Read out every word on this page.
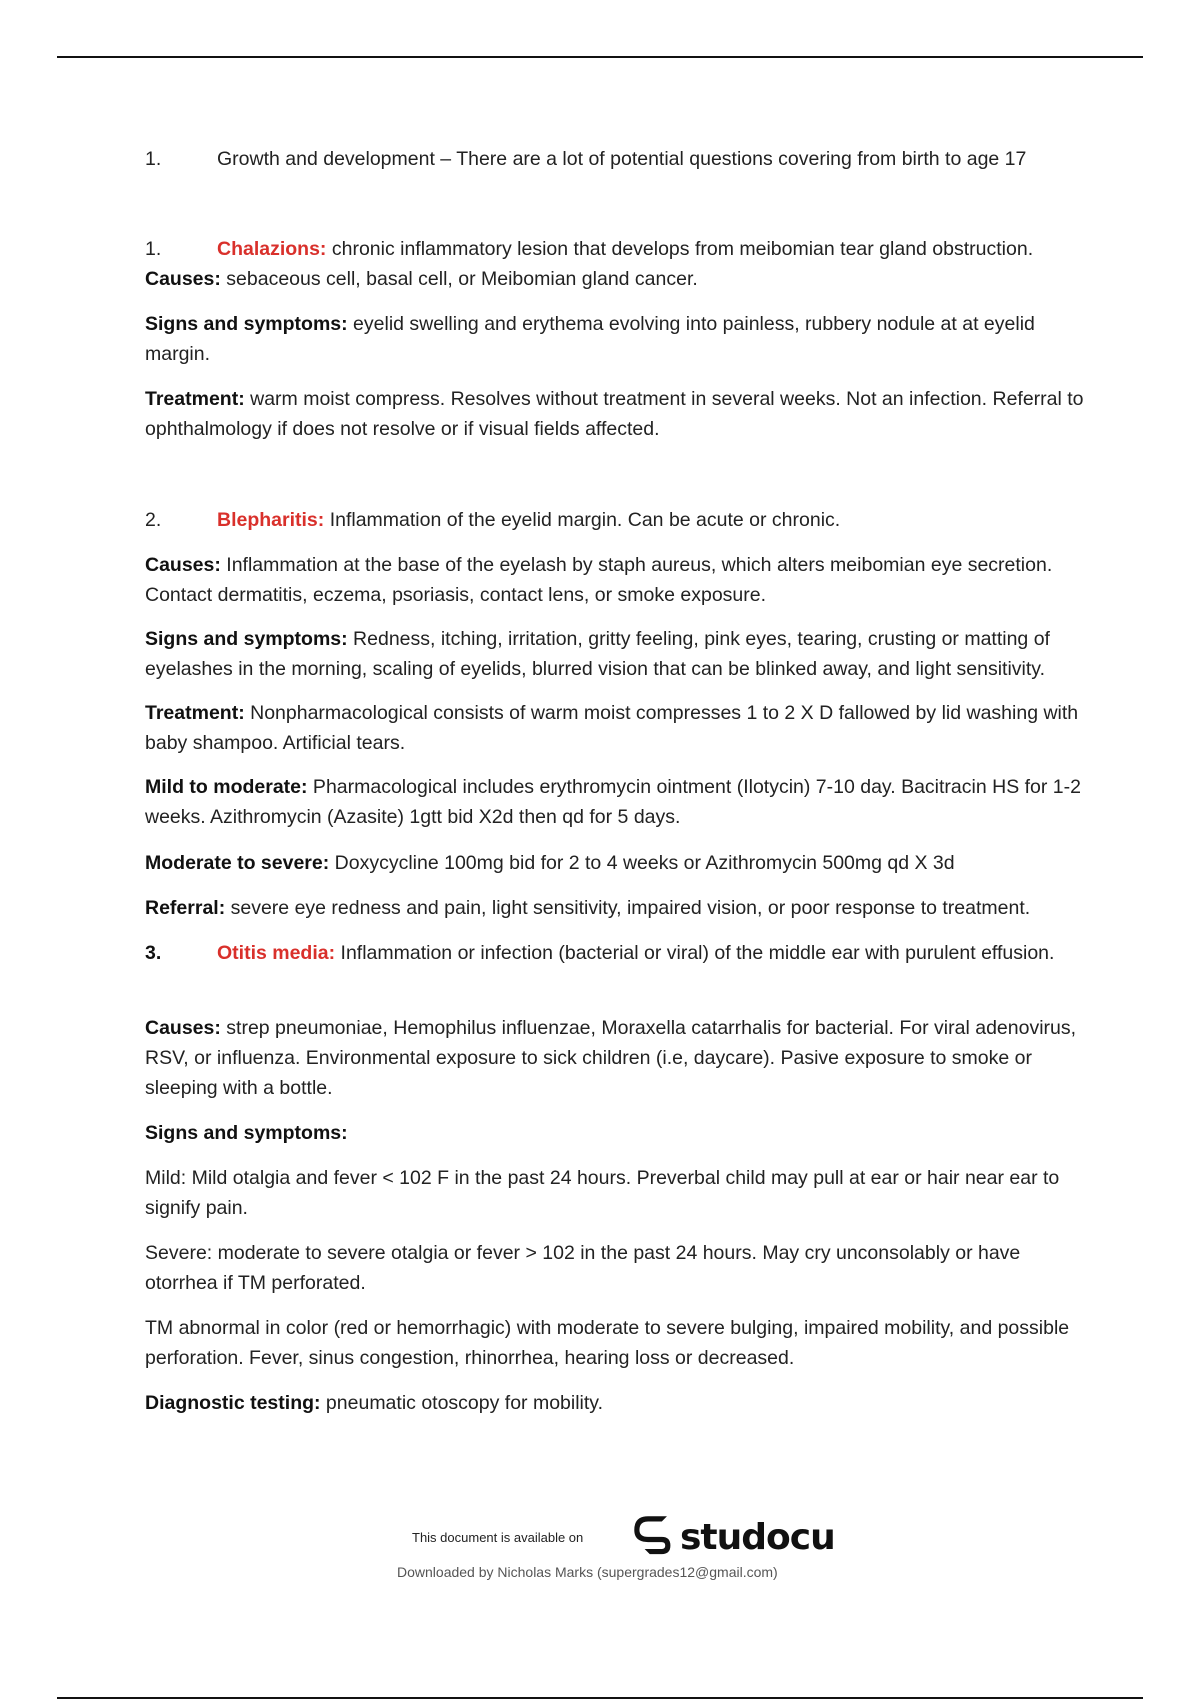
1.	Growth and development – There are a lot of potential questions covering from birth to age 17
1.	Chalazions: chronic inflammatory lesion that develops from meibomian tear gland obstruction.
Causes: sebaceous cell, basal cell, or Meibomian gland cancer.
Signs and symptoms: eyelid swelling and erythema evolving into painless, rubbery nodule at at eyelid margin.
Treatment: warm moist compress. Resolves without treatment in several weeks. Not an infection. Referral to ophthalmology if does not resolve or if visual fields affected.
2.	Blepharitis: Inflammation of the eyelid margin. Can be acute or chronic.
Causes: Inflammation at the base of the eyelash by staph aureus, which alters meibomian eye secretion. Contact dermatitis, eczema, psoriasis, contact lens, or smoke exposure.
Signs and symptoms: Redness, itching, irritation, gritty feeling, pink eyes, tearing, crusting or matting of eyelashes in the morning, scaling of eyelids, blurred vision that can be blinked away, and light sensitivity.
Treatment: Nonpharmacological consists of warm moist compresses 1 to 2 X D fallowed by lid washing with baby shampoo. Artificial tears.
Mild to moderate: Pharmacological includes erythromycin ointment (Ilotycin) 7-10 day. Bacitracin HS for 1-2 weeks. Azithromycin (Azasite) 1gtt bid X2d then qd for 5 days.
Moderate to severe: Doxycycline 100mg bid for 2 to 4 weeks or Azithromycin 500mg qd X 3d
Referral: severe eye redness and pain, light sensitivity, impaired vision, or poor response to treatment.
3.	Otitis media: Inflammation or infection (bacterial or viral) of the middle ear with purulent effusion.
Causes: strep pneumoniae, Hemophilus influenzae, Moraxella catarrhalis for bacterial. For viral adenovirus, RSV, or influenza. Environmental exposure to sick children (i.e, daycare). Pasive exposure to smoke or sleeping with a bottle.
Signs and symptoms:
Mild: Mild otalgia and fever < 102 F in the past 24 hours. Preverbal child may pull at ear or hair near ear to signify pain.
Severe: moderate to severe otalgia or fever > 102 in the past 24 hours. May cry unconsolably or have otorrhea if TM perforated.
TM abnormal in color (red or hemorrhagic) with moderate to severe bulging, impaired mobility, and possible perforation. Fever, sinus congestion, rhinorrhea, hearing loss or decreased.
Diagnostic testing: pneumatic otoscopy for mobility.
This document is available on	studocu
Downloaded by Nicholas Marks (supergrades12@gmail.com)
